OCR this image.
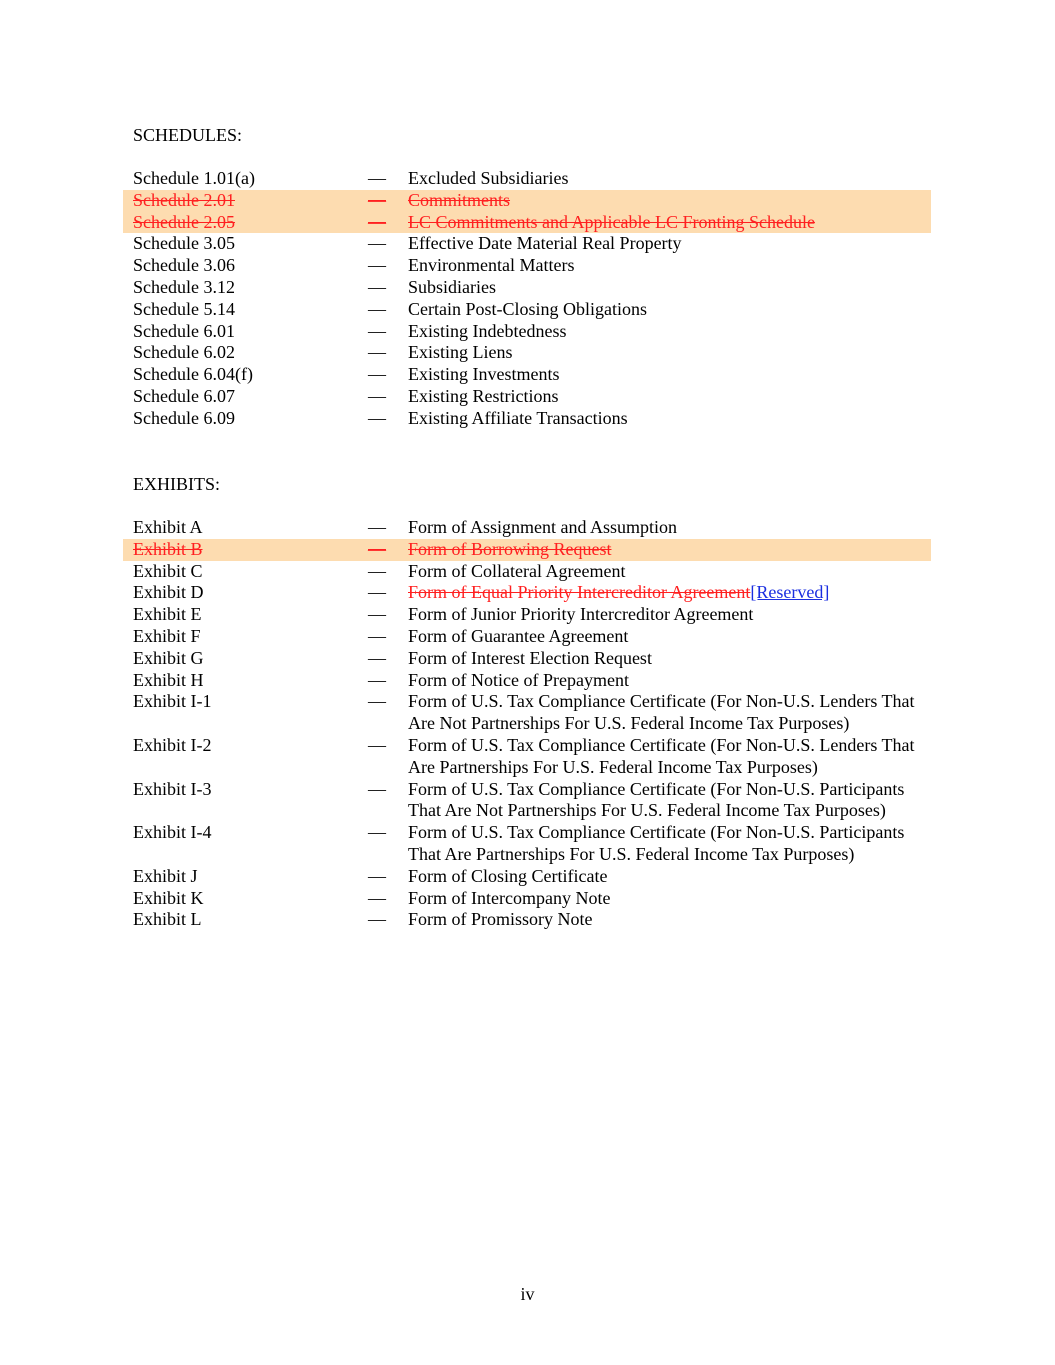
SCHEDULES:
Schedule 1.01(a)	—	Excluded Subsidiaries
Schedule 2.01	—	Commitments
Schedule 2.05	—	LC Commitments and Applicable LC Fronting Schedule
Schedule 3.05	—	Effective Date Material Real Property
Schedule 3.06	—	Environmental Matters
Schedule 3.12	—	Subsidiaries
Schedule 5.14	—	Certain Post-Closing Obligations
Schedule 6.01	—	Existing Indebtedness
Schedule 6.02	—	Existing Liens
Schedule 6.04(f)	—	Existing Investments
Schedule 6.07	—	Existing Restrictions
Schedule 6.09	—	Existing Affiliate Transactions
EXHIBITS:
Exhibit A	—	Form of Assignment and Assumption
Exhibit B	—	Form of Borrowing Request
Exhibit C	—	Form of Collateral Agreement
Exhibit D	—	Form of Equal Priority Intercreditor Agreement[Reserved]
Exhibit E	—	Form of Junior Priority Intercreditor Agreement
Exhibit F	—	Form of Guarantee Agreement
Exhibit G	—	Form of Interest Election Request
Exhibit H	—	Form of Notice of Prepayment
Exhibit I-1	—	Form of U.S. Tax Compliance Certificate (For Non-U.S. Lenders That Are Not Partnerships For U.S. Federal Income Tax Purposes)
Exhibit I-2	—	Form of U.S. Tax Compliance Certificate (For Non-U.S. Lenders That Are Partnerships For U.S. Federal Income Tax Purposes)
Exhibit I-3	—	Form of U.S. Tax Compliance Certificate (For Non-U.S. Participants That Are Not Partnerships For U.S. Federal Income Tax Purposes)
Exhibit I-4	—	Form of U.S. Tax Compliance Certificate (For Non-U.S. Participants That Are Partnerships For U.S. Federal Income Tax Purposes)
Exhibit J	—	Form of Closing Certificate
Exhibit K	—	Form of Intercompany Note
Exhibit L	—	Form of Promissory Note
iv
